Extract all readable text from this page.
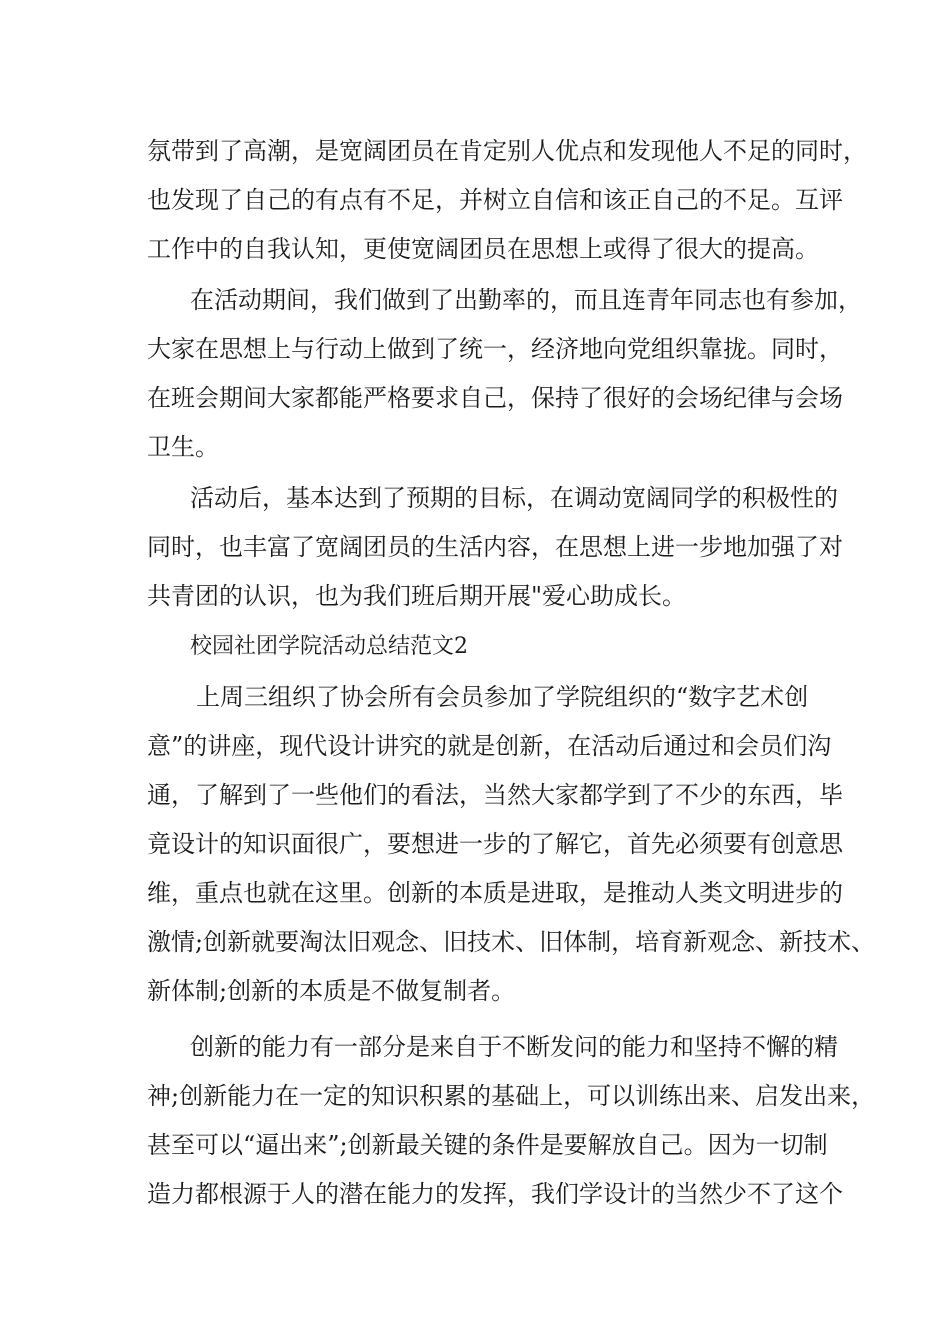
氛带到了高潮，是宽阔团员在肯定别人优点和发现他人不足的同时，
也发现了自己的有点有不足，并树立自信和该正自己的不足。互评
工作中的自我认知，更使宽阔团员在思想上或得了很大的提高。
在活动期间，我们做到了出勤率的，而且连青年同志也有参加，
大家在思想上与行动上做到了统一，经济地向党组织靠拢。同时，
在班会期间大家都能严格要求自己，保持了很好的会场纪律与会场
卫生。
活动后，基本达到了预期的目标，在调动宽阔同学的积极性的
同时，也丰富了宽阔团员的生活内容，在思想上进一步地加强了对
共青团的认识，也为我们班后期开展"爱心助成长。
校园社团学院活动总结范文2
上周三组织了协会所有会员参加了学院组织的“数字艺术创
意”的讲座，现代设计讲究的就是创新，在活动后通过和会员们沟
通，了解到了一些他们的看法，当然大家都学到了不少的东西，毕
竟设计的知识面很广，要想进一步的了解它，首先必须要有创意思
维，重点也就在这里。创新的本质是进取，是推动人类文明进步的
激情;创新就要淘汰旧观念、旧技术、旧体制，培育新观念、新技术、
新体制;创新的本质是不做复制者。
创新的能力有一部分是来自于不断发问的能力和坚持不懈的精
神;创新能力在一定的知识积累的基础上，可以训练出来、启发出来，
甚至可以“逼出来”;创新最关键的条件是要解放自己。因为一切制
造力都根源于人的潜在能力的发挥，我们学设计的当然少不了这个
